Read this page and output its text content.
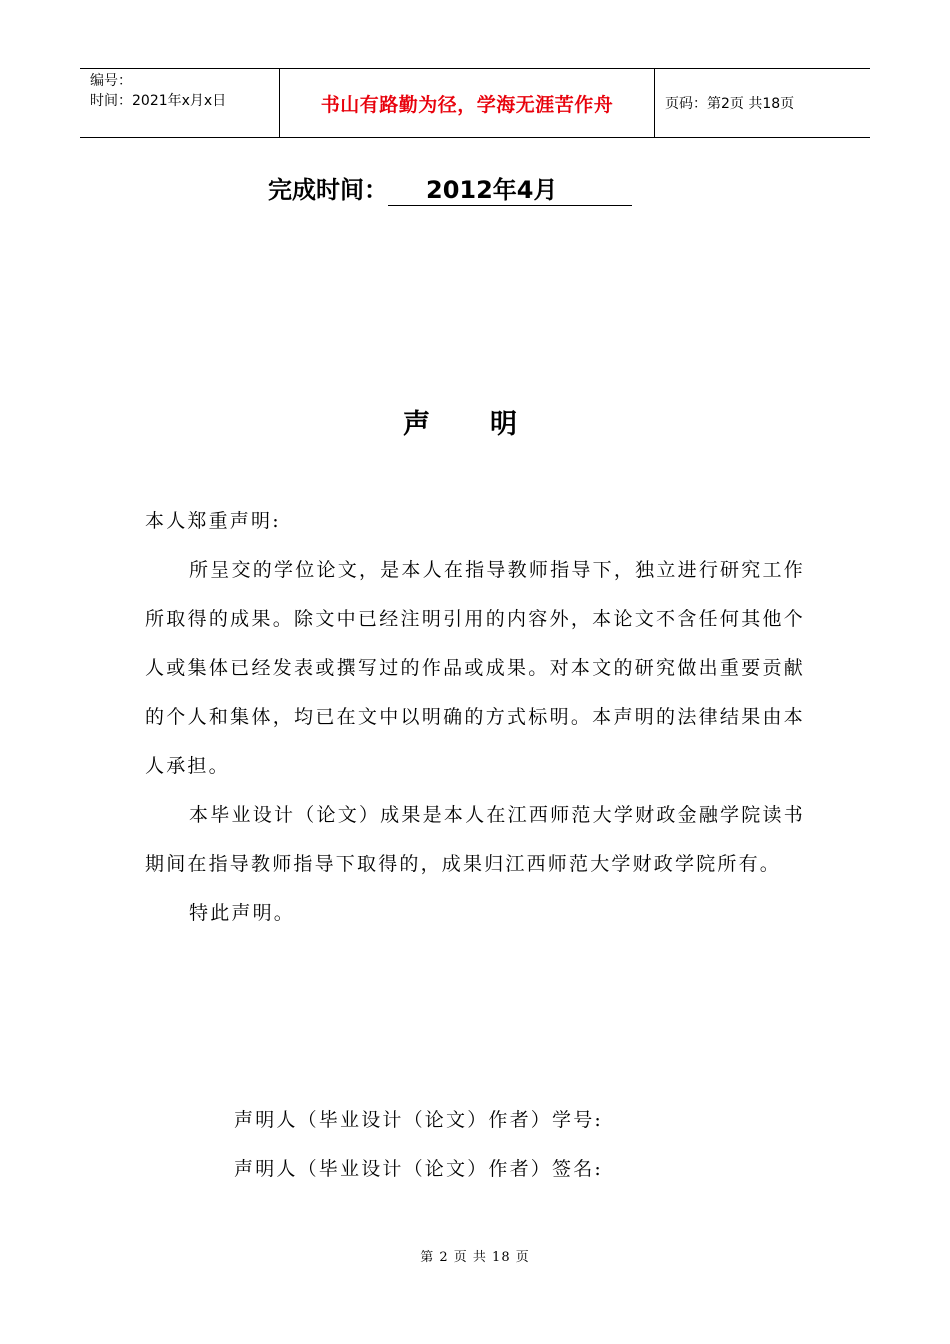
编号：
时间：2021年x月x日	书山有路勤为径，学海无涯苦作舟	页码：第2页 共18页
完成时间： 2012年4月
声明

本人郑重声明:

所呈交的学位论文，是本人在指导教师指导下，独立进行研究工作所取得的成果。除文中已经注明引用的内容外，本论文不含任何其他个人或集体已经发表或撰写过的作品或成果。对本文的研究做出重要贡献的个人和集体，均已在文中以明确的方式标明。本声明的法律结果由本人承担。

本毕业设计（论文）成果是本人在江西师范大学财政金融学院读书期间在指导教师指导下取得的，成果归江西师范大学财政学院所有。

特此声明。

声明人（毕业设计（论文）作者）学号:
声明人（毕业设计（论文）作者）签名:
第 2 页 共 18 页
